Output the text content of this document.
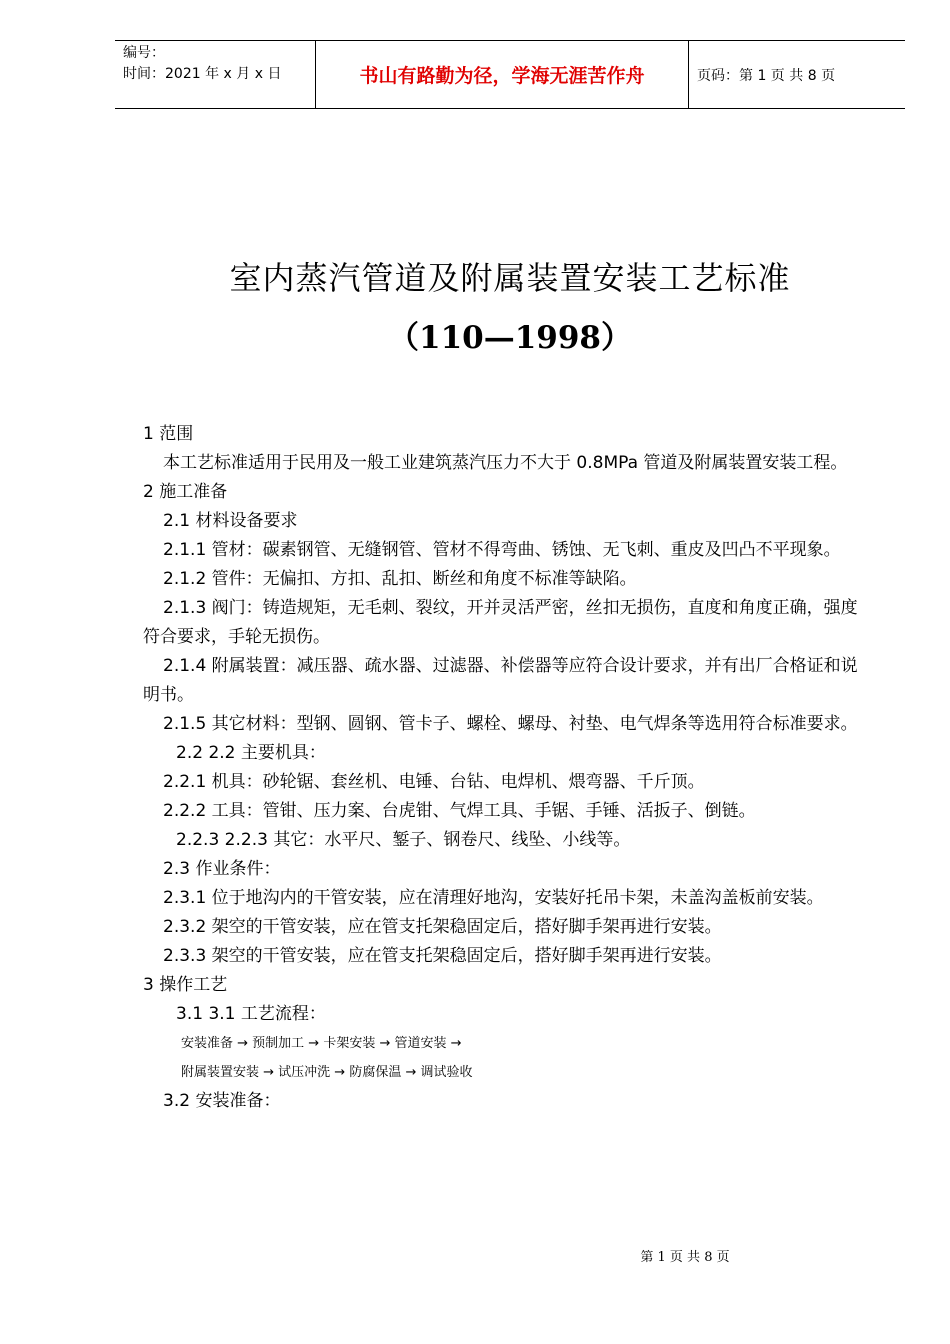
编号：
时间：2021 年 x 月 x 日	书山有路勤为径，学海无涯苦作舟	页码：第 1 页 共 8 页
室内蒸汽管道及附属装置安装工艺标准
（110—1998）

1 范围

本工艺标准适用于民用及一般工业建筑蒸汽压力不大于 0.8MPa 管道及附属装置安装工程。

2 施工准备

2.1 材料设备要求

2.1.1 管材：碳素钢管、无缝钢管、管材不得弯曲、锈蚀、无飞刺、重皮及凹凸不平现象。

2.1.2 管件：无偏扣、方扣、乱扣、断丝和角度不标准等缺陷。

2.1.3 阀门：铸造规矩，无毛刺、裂纹，开并灵活严密，丝扣无损伤，直度和角度正确，强度符合要求，手轮无损伤。

2.1.4 附属装置：减压器、疏水器、过滤器、补偿器等应符合设计要求，并有出厂合格证和说明书。

2.1.5 其它材料：型钢、圆钢、管卡子、螺栓、螺母、衬垫、电气焊条等选用符合标准要求。

2.2 2.2 主要机具：

2.2.1 机具：砂轮锯、套丝机、电锤、台钻、电焊机、煨弯器、千斤顶。

2.2.2 工具：管钳、压力案、台虎钳、气焊工具、手锯、手锤、活扳子、倒链。

2.2.3 2.2.3 其它：水平尺、錾子、钢卷尺、线坠、小线等。

2.3 作业条件：

2.3.1 位于地沟内的干管安装，应在清理好地沟，安装好托吊卡架，未盖沟盖板前安装。

2.3.2 架空的干管安装，应在管支托架稳固定后，搭好脚手架再进行安装。

2.3.3 架空的干管安装，应在管支托架稳固定后，搭好脚手架再进行安装。

3 操作工艺

3.1 3.1 工艺流程：

安装准备 → 预制加工 → 卡架安装 → 管道安装 →

附属装置安装 → 试压冲洗 → 防腐保温 → 调试验收

3.2 安装准备：

第 1 页 共 8 页
